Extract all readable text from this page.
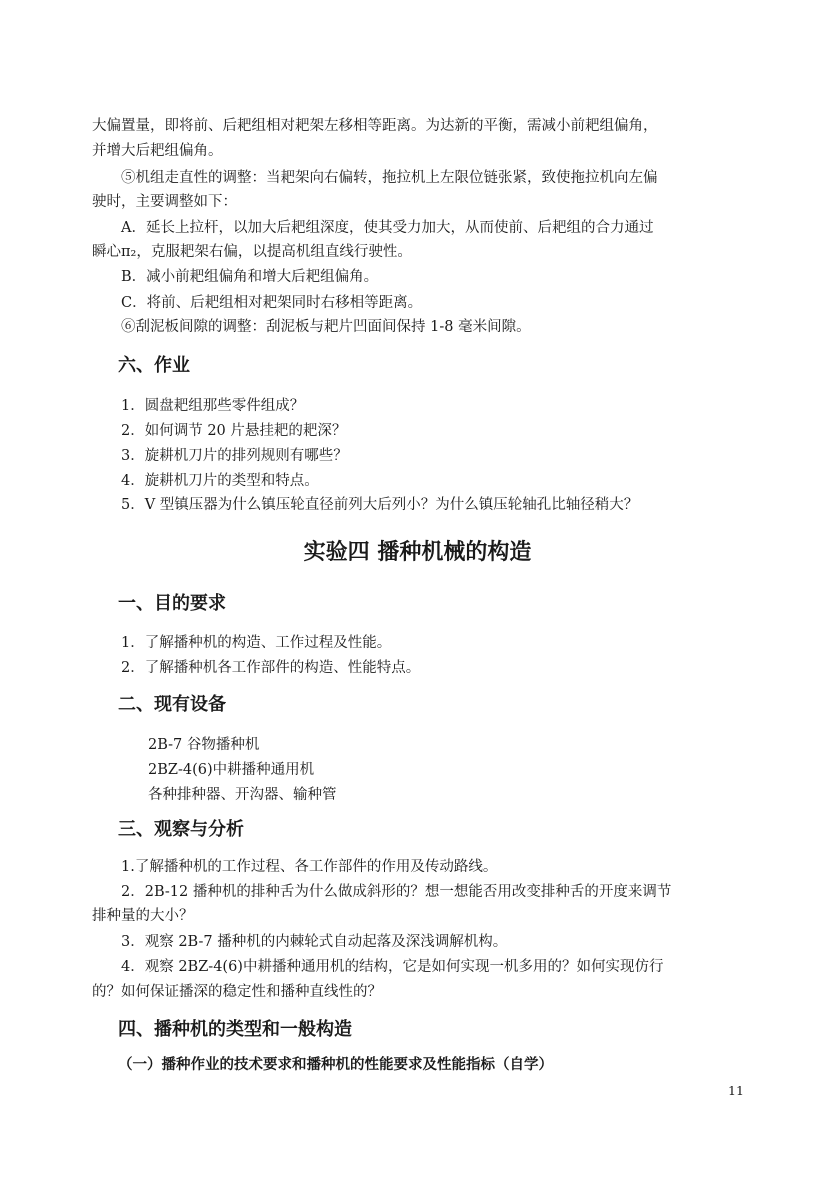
大偏置量，即将前、后耙组相对耙架左移相等距离。为达新的平衡，需减小前耙组偏角，

并增大后耙组偏角。

⑤机组走直性的调整：当耙架向右偏转，拖拉机上左限位链张紧，致使拖拉机向左偏

驶时，主要调整如下：

A．延长上拉杆，以加大后耙组深度，使其受力加大，从而使前、后耙组的合力通过

瞬心π₂，克服耙架右偏，以提高机组直线行驶性。

B．减小前耙组偏角和增大后耙组偏角。

C．将前、后耙组相对耙架同时右移相等距离。

⑥刮泥板间隙的调整：刮泥板与耙片凹面间保持 1-8 毫米间隙。

六、作业

1．圆盘耙组那些零件组成？

2．如何调节 20 片悬挂耙的耙深？

3．旋耕机刀片的排列规则有哪些？

4．旋耕机刀片的类型和特点。

5．V 型镇压器为什么镇压轮直径前列大后列小？为什么镇压轮轴孔比轴径稍大？

实验四 播种机械的构造
一、目的要求

1．了解播种机的构造、工作过程及性能。

2．了解播种机各工作部件的构造、性能特点。

二、现有设备

2B-7 谷物播种机

2BZ-4(6)中耕播种通用机

各种排种器、开沟器、输种管

三、观察与分析

1.了解播种机的工作过程、各工作部件的作用及传动路线。

2．2B-12 播种机的排种舌为什么做成斜形的？想一想能否用改变排种舌的开度来调节

排种量的大小？

3．观察 2B-7 播种机的内棘轮式自动起落及深浅调解机构。

4．观察 2BZ-4(6)中耕播种通用机的结构，它是如何实现一机多用的？如何实现仿行

的？如何保证播深的稳定性和播种直线性的？

四、播种机的类型和一般构造
（一）播种作业的技术要求和播种机的性能要求及性能指标（自学）
11
